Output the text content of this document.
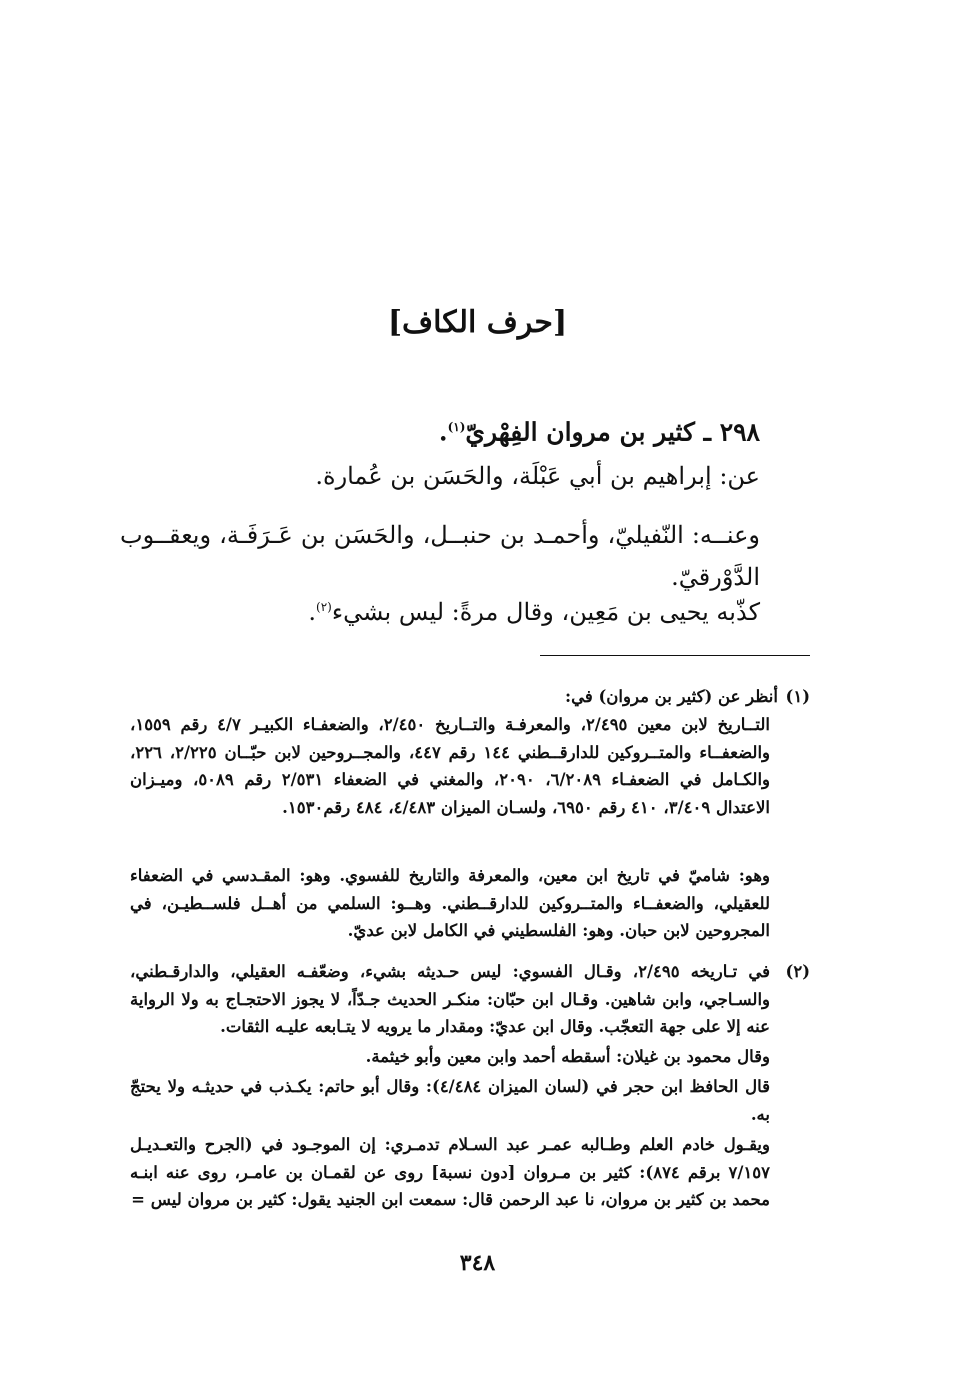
[حرف الكاف]
٢٩٨ ـ كثير بن مروان الفِهْريّ$^{(١)}$.
عن: إبراهيم بن أبي عَبْلَة، والحَسَن بن عُمارة.
وعنــه: النّفيليّ، وأحمـد بن حنبــل، والحَسَن بن عَـرَفَـة، ويعقــوب الدَّوْرقيّ.
كذّبه يحيى بن مَعِين، وقال مرةً: ليس بشيء$^{(٢)}$.
(١)أنظر عن (كثير بن مروان) في:
التــاريخ لابن معين ٢/٤٩٥، والمعرفـة والتــاريخ ٢/٤٥٠، والضعفـاء الكبيـر ٤/٧ رقم ١٥٥٩، والضعفــاء والمتــروكين للدارقــطني ١٤٤ رقم ٤٤٧، والمجــروحين لابن حبّــان ٢/٢٢٥، ٢٢٦، والكـامل في الضعفـاء ٦/٢٠٨٩، ٢٠٩٠، والمغني في الضعفاء ٢/٥٣١ رقم ٥٠٨٩، وميـزان الاعتدال ٣/٤٠٩، ٤١٠ رقم ٦٩٥٠، ولسـان الميزان ٤/٤٨٣، ٤٨٤ رقم١٥٣٠.
وهو: شاميّ في تاريخ ابن معين، والمعرفة والتاريخ للفسوي. وهو: المقـدسي في الضعفاء للعقيلي، والضعفــاء والمتــروكين للدارقــطني. وهــو: السلمي من أهــل فلســطيـن، في المجروحين لابن حبان. وهو: الفلسطيني في الكامل لابن عديّ.
(٢)
في تـاريخه ٢/٤٩٥، وقـال الفسوي: ليس حـديثه بشيء، وضعّفـه العقيلي، والدارقـطني، والسـاجي، وابن شاهين. وقـال ابن حبّان: منكـر الحديث جـدّاً، لا يجوز الاحتجـاج به ولا الرواية عنه إلا على جهة التعجّب. وقال ابن عديّ: ومقدار ما يرويه لا يتـابعه عليـه الثقات.
وقال محمود بن غيلان: أسقطه أحمد وابن معين وأبو خيثمة.
قال الحافظ ابن حجر في (لسان الميزان ٤/٤٨٤): وقال أبو حاتم: يكـذب في حديثـه ولا يحتجّ به.
ويقـول خادم العلم وطـالبه عمـر عبد السـلام تدمـري: إن الموجـود في (الجرح والتعـديـل ٧/١٥٧ برقم ٨٧٤): كثير بن مـروان [دون نسبة] روى عن لقمـان بن عامـر، روى عنه ابنـه محمد بن كثير بن مروان، نا عبد الرحمن قال: سمعت ابن الجنيد يقول: كثير بن مروان ليس =
٣٤٨
